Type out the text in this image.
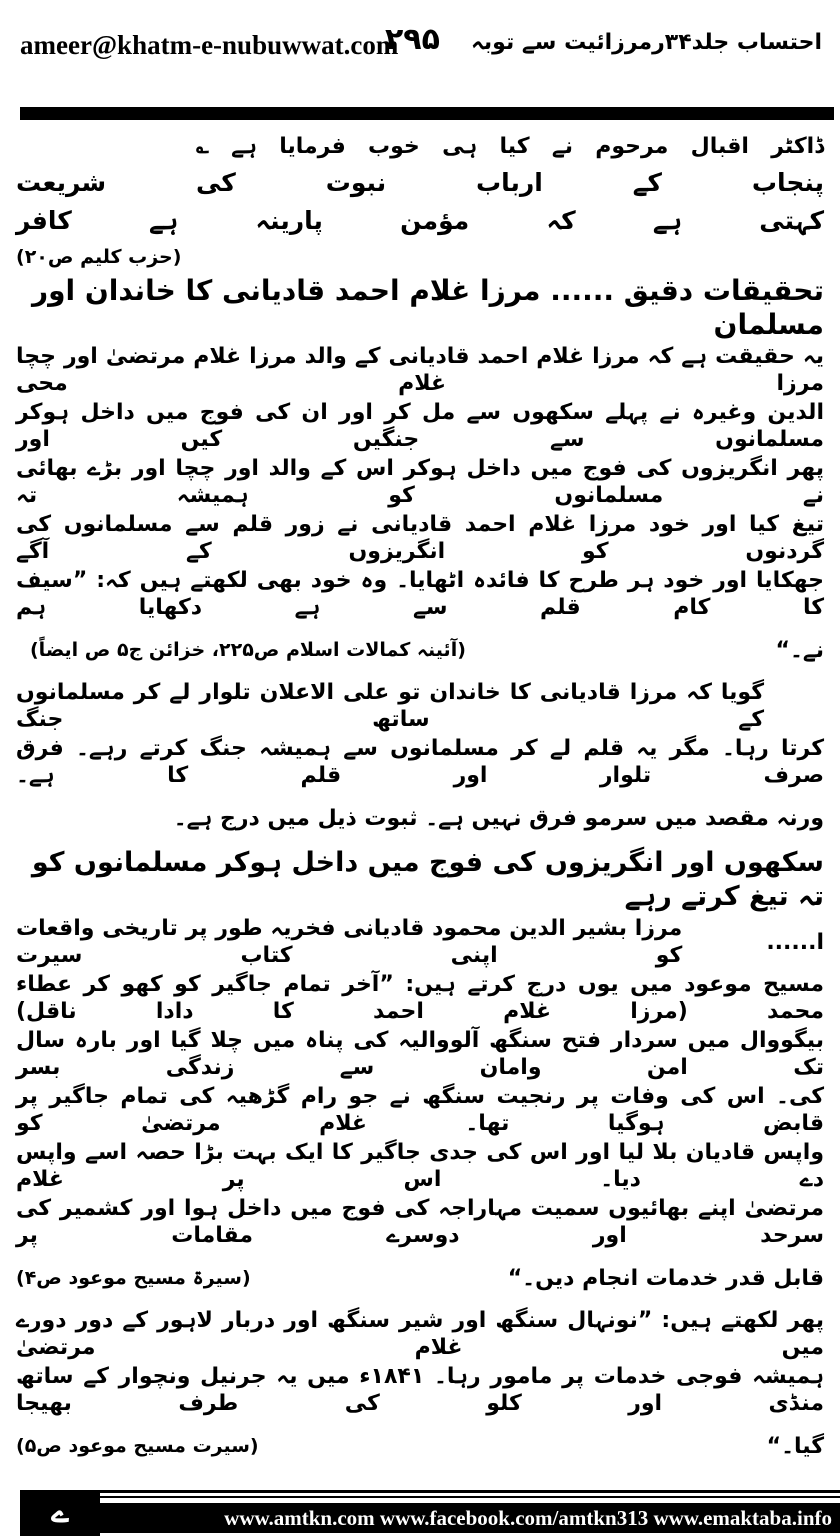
احتساب جلد۳۴رمرزائیت سے توبہ
ameer@khatm-e-nubuwwat.com
۲۹۵
ڈاکٹر اقبال مرحوم نے کیا ہی خوب فرمایا ہے ؎
پنجاب کے ارباب نبوت کی شریعت
کہتی ہے کہ مؤمن پارینہ ہے کافر
(حزب کلیم ص۲۰)
تحقیقات دقیق ...... مرزا غلام احمد قادیانی کا خاندان اور مسلمان
یہ حقیقت ہے کہ مرزا غلام احمد قادیانی کے والد مرزا غلام مرتضیٰ اور چچا مرزا غلام محی
الدین وغیرہ نے پہلے سکھوں سے مل کر اور ان کی فوج میں داخل ہوکر مسلمانوں سے جنگیں کیں اور
پھر انگریزوں کی فوج میں داخل ہوکر اس کے والد اور چچا اور بڑے بھائی نے مسلمانوں کو ہمیشہ تہ
تیغ کیا اور خود مرزا غلام احمد قادیانی نے زور قلم سے مسلمانوں کی گردنوں کو انگریزوں کے آگے
جھکایا اور خود ہر طرح کا فائدہ اٹھایا۔ وہ خود بھی لکھتے ہیں کہ: ”سیف کا کام قلم سے ہے دکھایا ہم
نے۔“
(آئینہ کمالات اسلام ص۲۲۵، خزائن ج۵ ص ایضاً)
گویا کہ مرزا قادیانی کا خاندان تو علی الاعلان تلوار لے کر مسلمانوں کے ساتھ جنگ
کرتا رہا۔ مگر یہ قلم لے کر مسلمانوں سے ہمیشہ جنگ کرتے رہے۔ فرق صرف تلوار اور قلم کا ہے۔
ورنہ مقصد میں سرمو فرق نہیں ہے۔ ثبوت ذیل میں درج ہے۔
سکھوں اور انگریزوں کی فوج میں داخل ہوکر مسلمانوں کو تہ تیغ کرتے رہے
ا......
مرزا بشیر الدین محمود قادیانی فخریہ طور پر تاریخی واقعات کو اپنی کتاب سیرت
مسیح موعود میں یوں درج کرتے ہیں: ”آخر تمام جاگیر کو کھو کر عطاء محمد (مرزا غلام احمد کا دادا ناقل)
بیگووال میں سردار فتح سنگھ آلووالیہ کی پناہ میں چلا گیا اور بارہ سال تک امن وامان سے زندگی بسر
کی۔ اس کی وفات پر رنجیت سنگھ نے جو رام گڑھیہ کی تمام جاگیر پر قابض ہوگیا تھا۔ غلام مرتضیٰ کو
واپس قادیان بلا لیا اور اس کی جدی جاگیر کا ایک بہت بڑا حصہ اسے واپس دے دیا۔ اس پر غلام
مرتضیٰ اپنے بھائیوں سمیت مہاراجہ کی فوج میں داخل ہوا اور کشمیر کی سرحد اور دوسرے مقامات پر
قابل قدر خدمات انجام دیں۔“
(سیرۃ مسیح موعود ص۴)
پھر لکھتے ہیں: ”نونہال سنگھ اور شیر سنگھ اور دربار لاہور کے دور دورے میں غلام مرتضیٰ
ہمیشہ فوجی خدمات پر مامور رہا۔ ۱۸۴۱ء میں یہ جرنیل ونچوار کے ساتھ منڈی اور کلو کی طرف بھیجا
گیا۔“
(سیرت مسیح موعود ص۵)
ے	www.amtkn.com www.facebook.com/amtkn313 www.emaktaba.info
